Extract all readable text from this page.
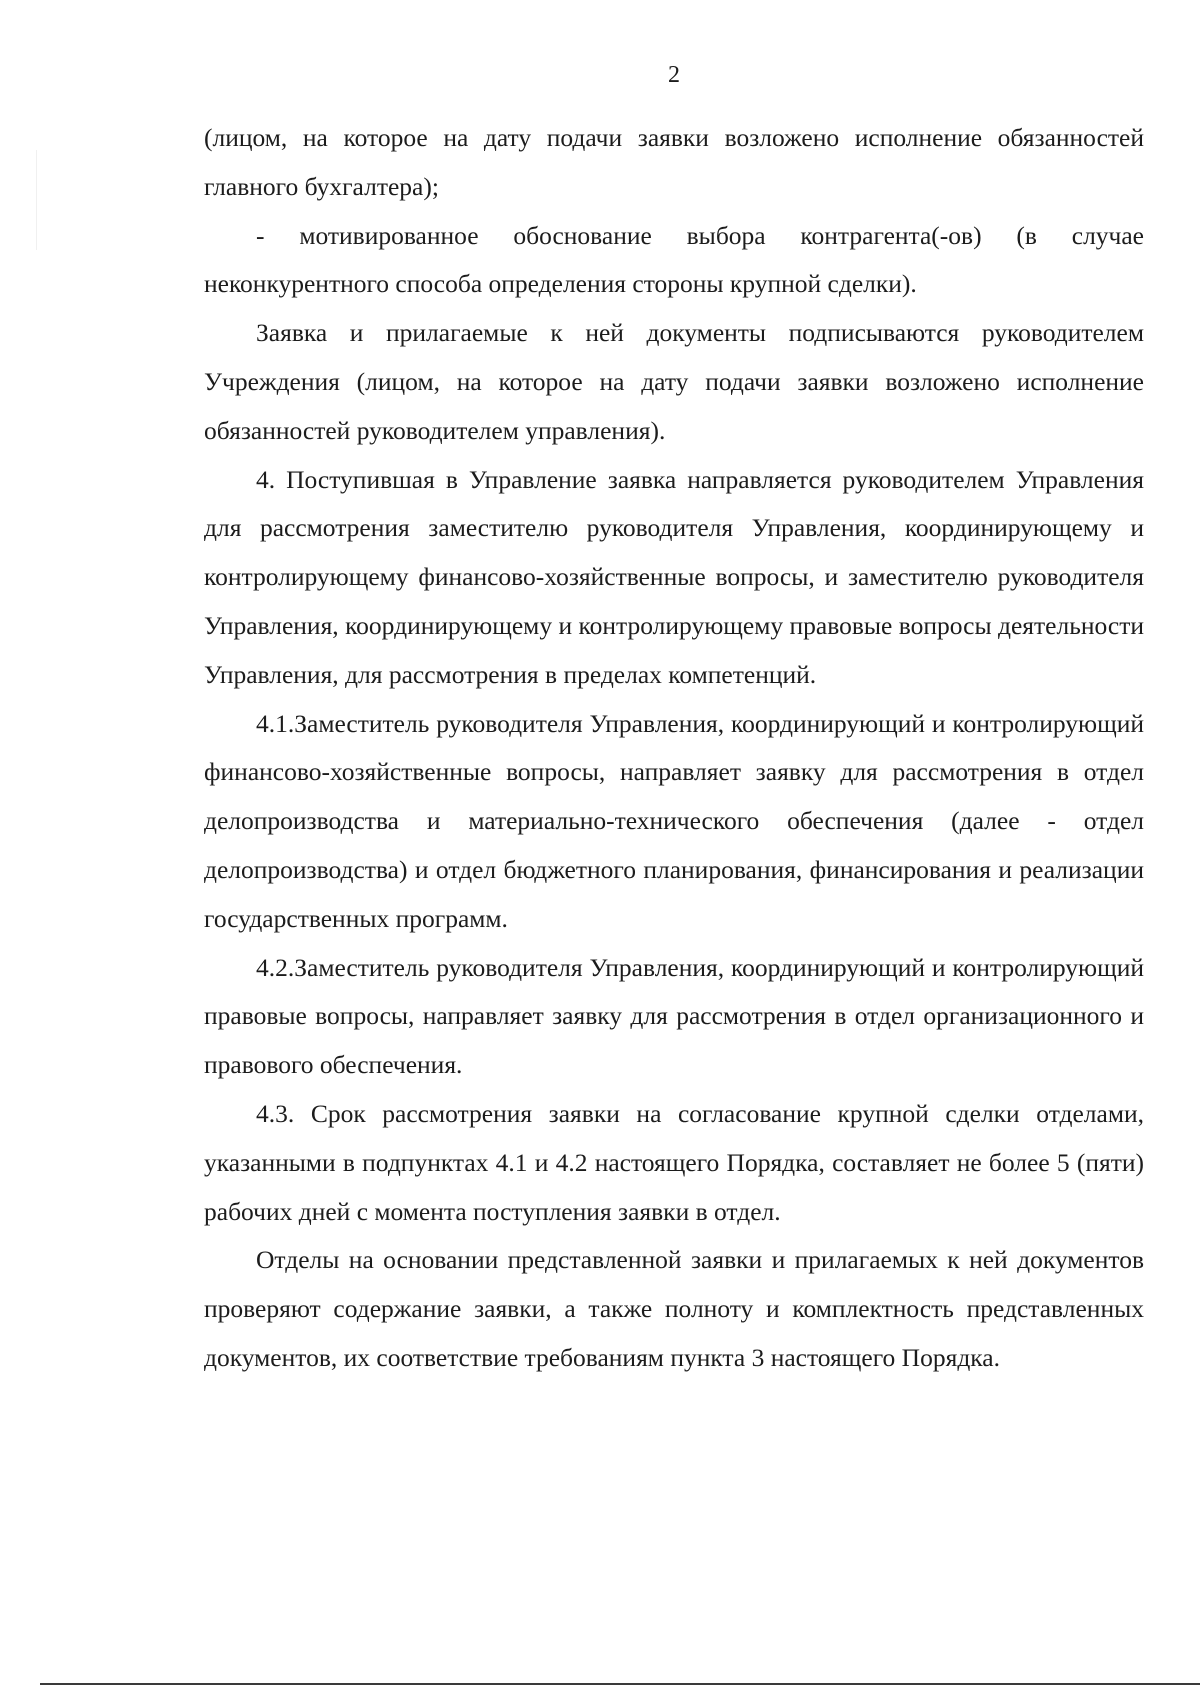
2

(лицом, на которое на дату подачи заявки возложено исполнение обязанностей главного бухгалтера);

- мотивированное обоснование выбора контрагента(-ов) (в случае неконкурентного способа определения стороны крупной сделки).

Заявка и прилагаемые к ней документы подписываются руководителем Учреждения (лицом, на которое на дату подачи заявки возложено исполнение обязанностей руководителем управления).

4. Поступившая в Управление заявка направляется руководителем Управления для рассмотрения заместителю руководителя Управления, координирующему и контролирующему финансово-хозяйственные вопросы, и заместителю руководителя Управления, координирующему и контролирующему правовые вопросы деятельности Управления, для рассмотрения в пределах компетенций.

4.1.Заместитель руководителя Управления, координирующий и контролирующий финансово-хозяйственные вопросы, направляет заявку для рассмотрения в отдел делопроизводства и материально-технического обеспечения (далее - отдел делопроизводства) и отдел бюджетного планирования, финансирования и реализации государственных программ.

4.2.Заместитель руководителя Управления, координирующий и контролирующий правовые вопросы, направляет заявку для рассмотрения в отдел организационного и правового обеспечения.

4.3. Срок рассмотрения заявки на согласование крупной сделки отделами, указанными в подпунктах 4.1 и 4.2 настоящего Порядка, составляет не более 5 (пяти) рабочих дней с момента поступления заявки в отдел.

Отделы на основании представленной заявки и прилагаемых к ней документов проверяют содержание заявки, а также полноту и комплектность представленных документов, их соответствие требованиям пункта 3 настоящего Порядка.
